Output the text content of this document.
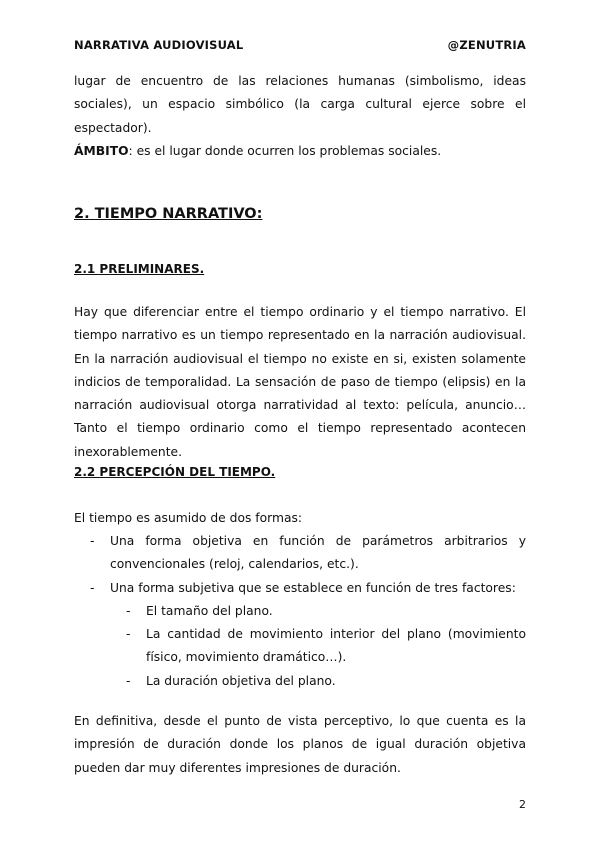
NARRATIVA AUDIOVISUAL	@ZENUTRIA

lugar de encuentro de las relaciones humanas (simbolismo, ideas sociales), un espacio simbólico (la carga cultural ejerce sobre el espectador).

ÁMBITO: es el lugar donde ocurren los problemas sociales.

2. TIEMPO NARRATIVO:
2.1 PRELIMINARES.

Hay que diferenciar entre el tiempo ordinario y el tiempo narrativo. El tiempo narrativo es un tiempo representado en la narración audiovisual. En la narración audiovisual el tiempo no existe en si, existen solamente indicios de temporalidad. La sensación de paso de tiempo (elipsis) en la narración audiovisual otorga narratividad al texto: película, anuncio… Tanto el tiempo ordinario como el tiempo representado acontecen inexorablemente.

2.2 PERCEPCIÓN DEL TIEMPO.

El tiempo es asumido de dos formas:

- Una forma objetiva en función de parámetros arbitrarios y convencionales (reloj, calendarios, etc.).
- Una forma subjetiva que se establece en función de tres factores:
- El tamaño del plano.
- La cantidad de movimiento interior del plano (movimiento físico, movimiento dramático…).
- La duración objetiva del plano.

En definitiva, desde el punto de vista perceptivo, lo que cuenta es la impresión de duración donde los planos de igual duración objetiva pueden dar muy diferentes impresiones de duración.

2
